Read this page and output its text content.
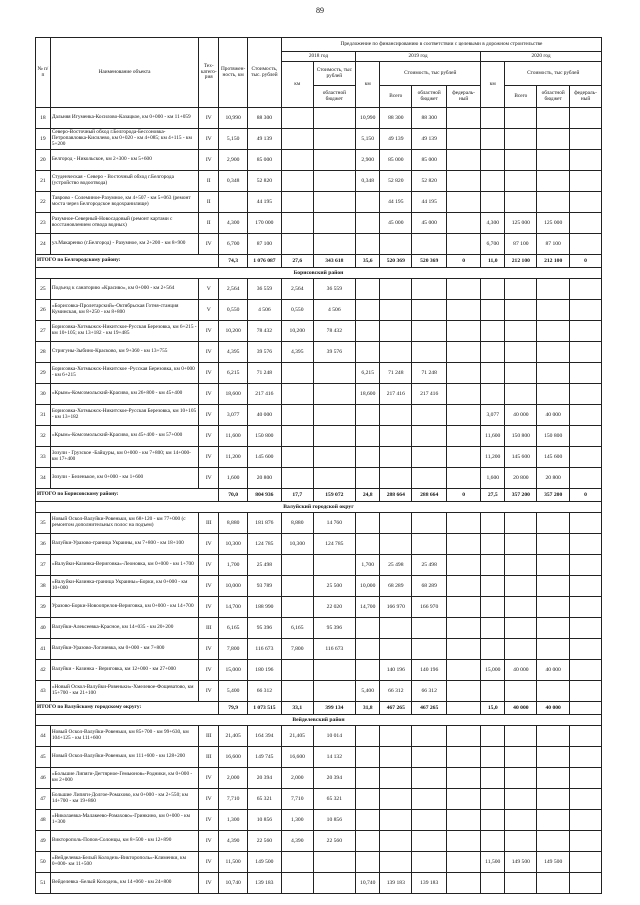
89
№ п/п	Наименование объекта	Тех-катего-рия	Протяжен-ность, км	Стоимость, тыс. рублей	Предложение по финансированию в соответствии с целевыми в дорожном строительстве									
					2018 год		2019 год				2020 год			
					км	Стоимость, тыс рублей	км	Стоимость, тыс рублей			км	Стоимость, тыс рублей		
						областной бюджет		Всего	областной бюджет	федераль-ный		Всего	областной бюджет	федераль-ный
18	Дальняя Игуменка-Косилово-Казацкое, км 0+000 - км 11+059	IV	10,990	88 300			10,990	88 300	88 300					
19	Северо-Восточный обход г.Белгорода-Бессоновка-Петропавловка-Кисилево, км 0+020 - км 4+085; км 4+115 - км 5+200	IV	5,150	49 139			5,150	49 139	49 139					
20	Белгород - Никольское, км 2+300 - км 5+600	IV	2,900	85 000			2,900	85 000	85 000					
21	Студенческая - Северо - Восточный обход г.Белгорода (устройство водоотвода)	II	0,348	52 820			0,348	52 820	52 820					
22	Таврово - Солеминое-Разумное, км 4+507 - км 5+063 (ремонт моста через Белгородское водохранилище)	II		44 195				44 195	44 195					
23	Разумное-Северный-Новосадовый (ремонт картами с восстановлением отвода водных)	II	4,300	170 000				45 000	45 000		4,300	125 000	125 000	
24	ул.Макаренко (г.Белгород) - Разумное, км 2+200 - км 8+900	IV	6,700	87 100							6,700	87 100	87 100	
ИТОГО по Белгородскому району:			74,3	1 076 087	27,6	343 618	35,6	520 369	520 369	0	11,0	212 100	212 100	0
Борисовский район														
25	Подъезд к санаторию «Красиво», км 0+000 - км 2+564	V	2,564	36 559	2,564	36 559								
26	«Борисовка-Пролетарский»-Октябрьская Готня-станция Куминская, км 8+250 - км 8+800	V	0,550	4 506	0,550	4 506								
27	Борисовка-Хотмыжск-Никитское-Русская Березовка, км 6+215 - км 10+105; км 13+182 - км 19+485	IV	10,200	78 432	10,200	78 432								
28	Стригуны-Зыбино-Красково, км 9+360 - км 13+755	IV	4,395	39 576	4,395	39 576								
29	Борисовка-Хотмыжск-Никитское -Русская Березовка, км 0+000 - км 6+215	IV	6,215	71 248			6,215	71 248	71 248					
30	«Крым»-Комсомольский-Красиво, км 26+800 - км 45+400	IV	18,600	217 416			18,600	217 416	217 416					
31	Борисовка-Хотмыжск-Никитское-Русская Березовка, км 10+105 - км 13+182	IV	3,077	40 000							3,077	40 000	40 000	
32	«Крым»-Комсомольский-Красиво, км 45+400 - км 57+000	IV	11,600	150 800							11,600	150 800	150 800	
33	Зозули - Грузское -Байцуры, км 0+000 - км 7+800; км 14+000- км 17+400	IV	11,200	145 600							11,200	145 600	145 600	
34	Зозули - Беленькое, км 0+000 - км 1+600	IV	1,600	20 800							1,600	20 800	20 800	
ИТОГО по Борисовскому району:			70,0	804 936	17,7	159 072	24,8	288 664	288 664	0	27,5	357 200	357 200	0
Валуйский городской округ														
35	Новый Оскол-Валуйки-Ровеньки, км 68+120 - км 77+000 (с ремонтом дополнительных полос на подъем)	III	8,880	181 876	8,880	14 760								
36	Валуйки-Уразово-граница Украины, км 7+800 - км 18+100	IV	10,300	124 785	10,300	124 785								
37	«Валуйки-Казинка-Вериговка»-Леоновка, км 0+000 - км 1+700	IV	1,700	25 498			1,700	25 498	25 498					
38	«Валуйки-Казинка-граница Украины»-Борки, км 0+000 - км 10+000	IV	10,000	93 789		25 500	10,000	68 289	68 289					
39	Уразово-Борки-Новоопрелов-Вериговка, км 0+000 - км 14+700	IV	14,700	188 990		22 020	14,700	166 970	166 970					
40	Валуйки-Алексеевка-Красное, км 14+035 - км 20+200	III	6,165	95 396	6,165	95 396								
41	Валуйки-Уразово-Логачевка, км 0+000 - км 7+800	IV	7,800	116 673	7,800	116 673								
42	Валуйки - Казинка - Вериговка, км 12+000 - км 27+000	IV	15,000	180 196				140 196	140 196		15,000	40 000	40 000	
43	«Новый Оскол-Валуйки-Ровеньки»-Хмелевое-Фощеватово, км 15+700 - км 21+100	IV	5,400	66 312			5,400	66 312	66 312					
ИТОГО по Валуйскому городскому округу:			79,9	1 073 515	33,1	399 134	31,8	467 265	467 265		15,0	40 000	40 000	
Вейделевский район														
44	Новый Оскол-Валуйки-Ровеньки, км 85+700 - км 99+630, км 104+125 - км 111+600	III	21,405	164 394	21,405	10 014								
45	Новый Оскол-Валуйки-Ровеньки, км 111+600 - км 128+200	III	16,600	149 745	16,600	14 132								
46	«Большие Липяги-Дегтярное-Гемьюнов»-Родники, км 0+000 - км 2+000	IV	2,000	20 394	2,000	20 394								
47	Большие Липяги-Долгое-Ромахово, км 0+000 - км 2+550; км 14+700 - км 19+860	IV	7,710	65 321	7,710	65 321								
48	«Николаевка-Малакеево-Ромахово»-Гринкино, км 0+000 - км 1+300	IV	1,300	10 856	1,300	10 856								
49	Викторополь-Попов-Солонцы, км 8+500 - км 12+890	IV	4,390	22 560	4,390	22 560								
50	«Вейделевка-Белый Колодезь-Викторополь»-Клименки, км 0+000- км 11+500	IV	11,500	149 500							11,500	149 500	149 500	
51	Вейделевка -Белый Колодезь, км 14+060 - км 24+800	IV	10,740	139 183			10,740	139 183	139 183					
